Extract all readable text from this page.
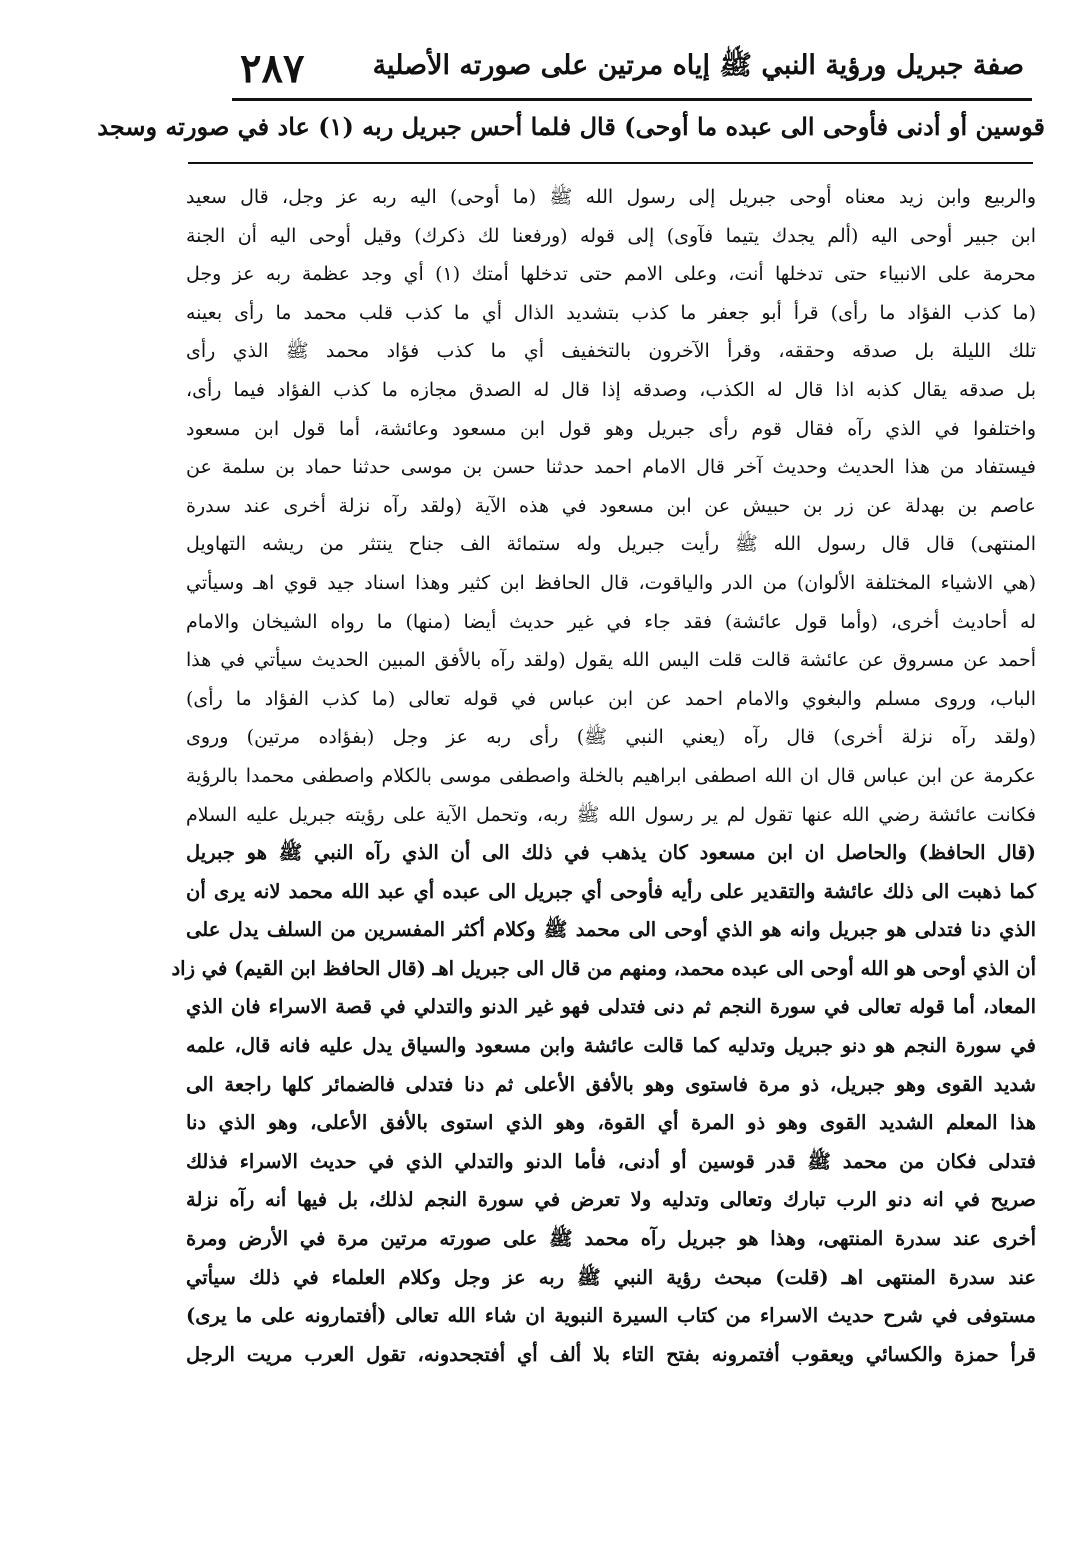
صفة جبريل ورؤية النبي ﷺ إياه مرتين على صورته الأصلية
٢٨٧
قوسين أو أدنى فأوحى الى عبده ما أوحى) قال فلما أحس جبريل ربه (١) عاد في صورته وسجد
والربيع وابن زيد معناه أوحى جبريل إلى رسول الله ﷺ (ما أوحى) اليه ربه عز وجل، قال سعيد
ابن جبير أوحى اليه (ألم يجدك يتيما فآوى) إلى قوله (ورفعنا لك ذكرك) وقيل أوحى اليه أن الجنة
محرمة على الانبياء حتى تدخلها أنت، وعلى الامم حتى تدخلها أمتك (١) أي وجد عظمة ربه عز وجل
(ما كذب الفؤاد ما رأى) قرأ أبو جعفر ما كذب بتشديد الذال أي ما كذب قلب محمد ما رأى بعينه
تلك الليلة بل صدقه وحققه، وقرأ الآخرون بالتخفيف أي ما كذب فؤاد محمد ﷺ الذي رأى
بل صدقه يقال كذبه اذا قال له الكذب، وصدقه إذا قال له الصدق مجازه ما كذب الفؤاد فيما رأى،
واختلفوا في الذي رآه فقال قوم رأى جبريل وهو قول ابن مسعود وعائشة، أما قول ابن مسعود
فيستفاد من هذا الحديث وحديث آخر قال الامام احمد حدثنا حسن بن موسى حدثنا حماد بن سلمة عن
عاصم بن بهدلة عن زر بن حبيش عن ابن مسعود في هذه الآية (ولقد رآه نزلة أخرى عند سدرة
المنتهى) قال قال رسول الله ﷺ رأيت جبريل وله ستمائة الف جناح ينتثر من ريشه التهاويل
(هي الاشياء المختلفة الألوان) من الدر والياقوت، قال الحافظ ابن كثير وهذا اسناد جيد قوي اهـ وسيأتي
له أحاديث أخرى، (وأما قول عائشة) فقد جاء في غير حديث أيضا (منها) ما رواه الشيخان والامام
أحمد عن مسروق عن عائشة قالت قلت اليس الله يقول (ولقد رآه بالأفق المبين الحديث سيأتي في هذا
الباب، وروى مسلم والبغوي والامام احمد عن ابن عباس في قوله تعالى (ما كذب الفؤاد ما رأى)
(ولقد رآه نزلة أخرى) قال رآه (يعني النبي ﷺ) رأى ربه عز وجل (بفؤاده مرتين) وروى
عكرمة عن ابن عباس قال ان الله اصطفى ابراهيم بالخلة واصطفى موسى بالكلام واصطفى محمدا بالرؤية
فكانت عائشة رضي الله عنها تقول لم ير رسول الله ﷺ ربه، وتحمل الآية على رؤيته جبريل عليه السلام
(قال الحافظ) والحاصل ان ابن مسعود كان يذهب في ذلك الى أن الذي رآه النبي ﷺ هو جبريل
كما ذهبت الى ذلك عائشة والتقدير على رأيه فأوحى أي جبريل الى عبده أي عبد الله محمد لانه يرى أن
الذي دنا فتدلى هو جبريل وانه هو الذي أوحى الى محمد ﷺ وكلام أكثر المفسرين من السلف يدل على
أن الذي أوحى هو الله أوحى الى عبده محمد، ومنهم من قال الى جبريل اهـ (قال الحافظ ابن القيم) في زاد
المعاد، أما قوله تعالى في سورة النجم ثم دنى فتدلى فهو غير الدنو والتدلي في قصة الاسراء فان الذي
في سورة النجم هو دنو جبريل وتدليه كما قالت عائشة وابن مسعود والسياق يدل عليه فانه قال، علمه
شديد القوى وهو جبريل، ذو مرة فاستوى وهو بالأفق الأعلى ثم دنا فتدلى فالضمائر كلها راجعة الى
هذا المعلم الشديد القوى وهو ذو المرة أي القوة، وهو الذي استوى بالأفق الأعلى، وهو الذي دنا
فتدلى فكان من محمد ﷺ قدر قوسين أو أدنى، فأما الدنو والتدلي الذي في حديث الاسراء فذلك
صريح في انه دنو الرب تبارك وتعالى وتدليه ولا تعرض في سورة النجم لذلك، بل فيها أنه رآه نزلة
أخرى عند سدرة المنتهى، وهذا هو جبريل رآه محمد ﷺ على صورته مرتين مرة في الأرض ومرة
عند سدرة المنتهى اهـ (قلت) مبحث رؤية النبي ﷺ ربه عز وجل وكلام العلماء في ذلك سيأتي
مستوفى في شرح حديث الاسراء من كتاب السيرة النبوية ان شاء الله تعالى (أفتمارونه على ما يرى)
قرأ حمزة والكسائي ويعقوب أفتمرونه بفتح التاء بلا ألف أي أفتجحدونه، تقول العرب مريت الرجل
